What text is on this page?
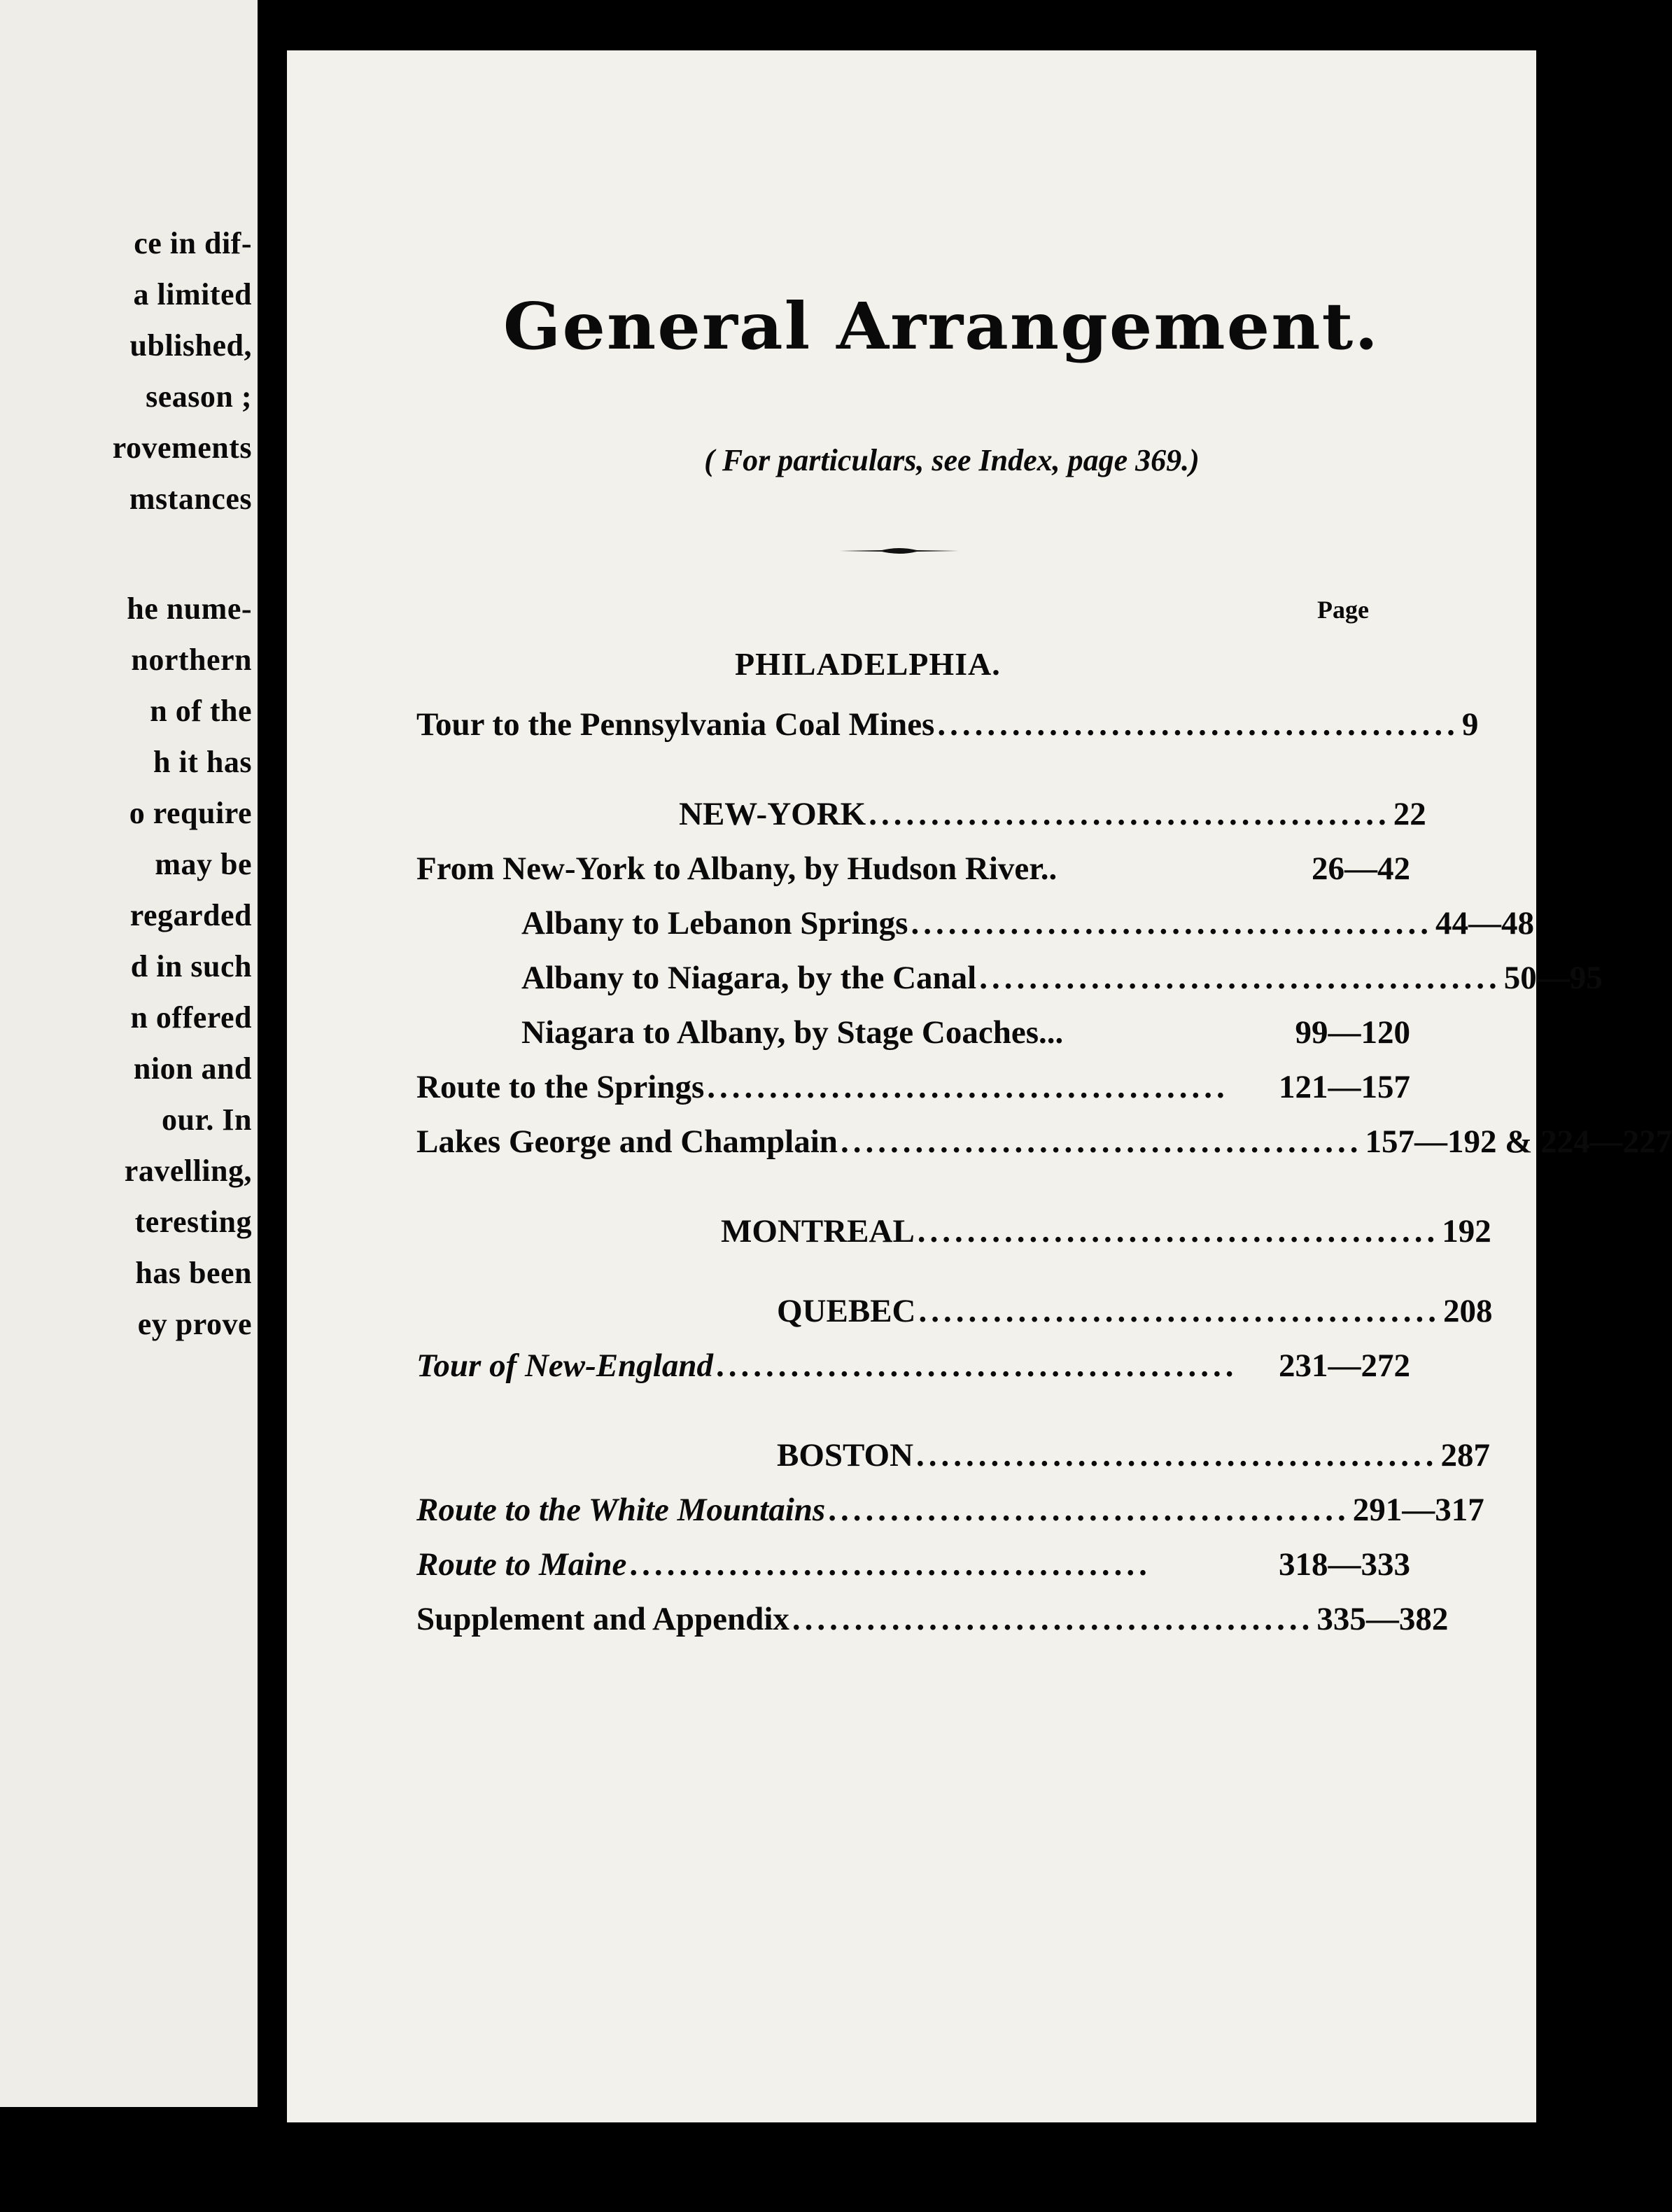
ce in dif-
a limited
ublished,
season ;
rovements
mstances
he nume-
northern
n of the
h it has
o require
may be
regarded
d in such
n offered
nion and
our. In
ravelling,
teresting
has been
ey prove
General Arrangement.
( For particulars, see Index, page 369.)
Page
PHILADELPHIA.
Tour to the Pennsylvania Coal Mines .......................................... 9
NEW-YORK .......................................... 22
From New-York to Albany, by Hudson River..	26—42
Albany to Lebanon Springs .......................................... 44—48
Albany to Niagara, by the Canal .......................................... 50—95
Niagara to Albany, by Stage Coaches...	99—120
Route to the Springs ..........................................	121—157
Lakes George and Champlain .......................................... 157—192 & 224—227
MONTREAL .......................................... 192
QUEBEC .......................................... 208
Tour of New-England ..........................................	231—272
BOSTON .......................................... 287
Route to the White Mountains .......................................... 291—317
Route to Maine ..........................................	318—333
Supplement and Appendix .......................................... 335—382
